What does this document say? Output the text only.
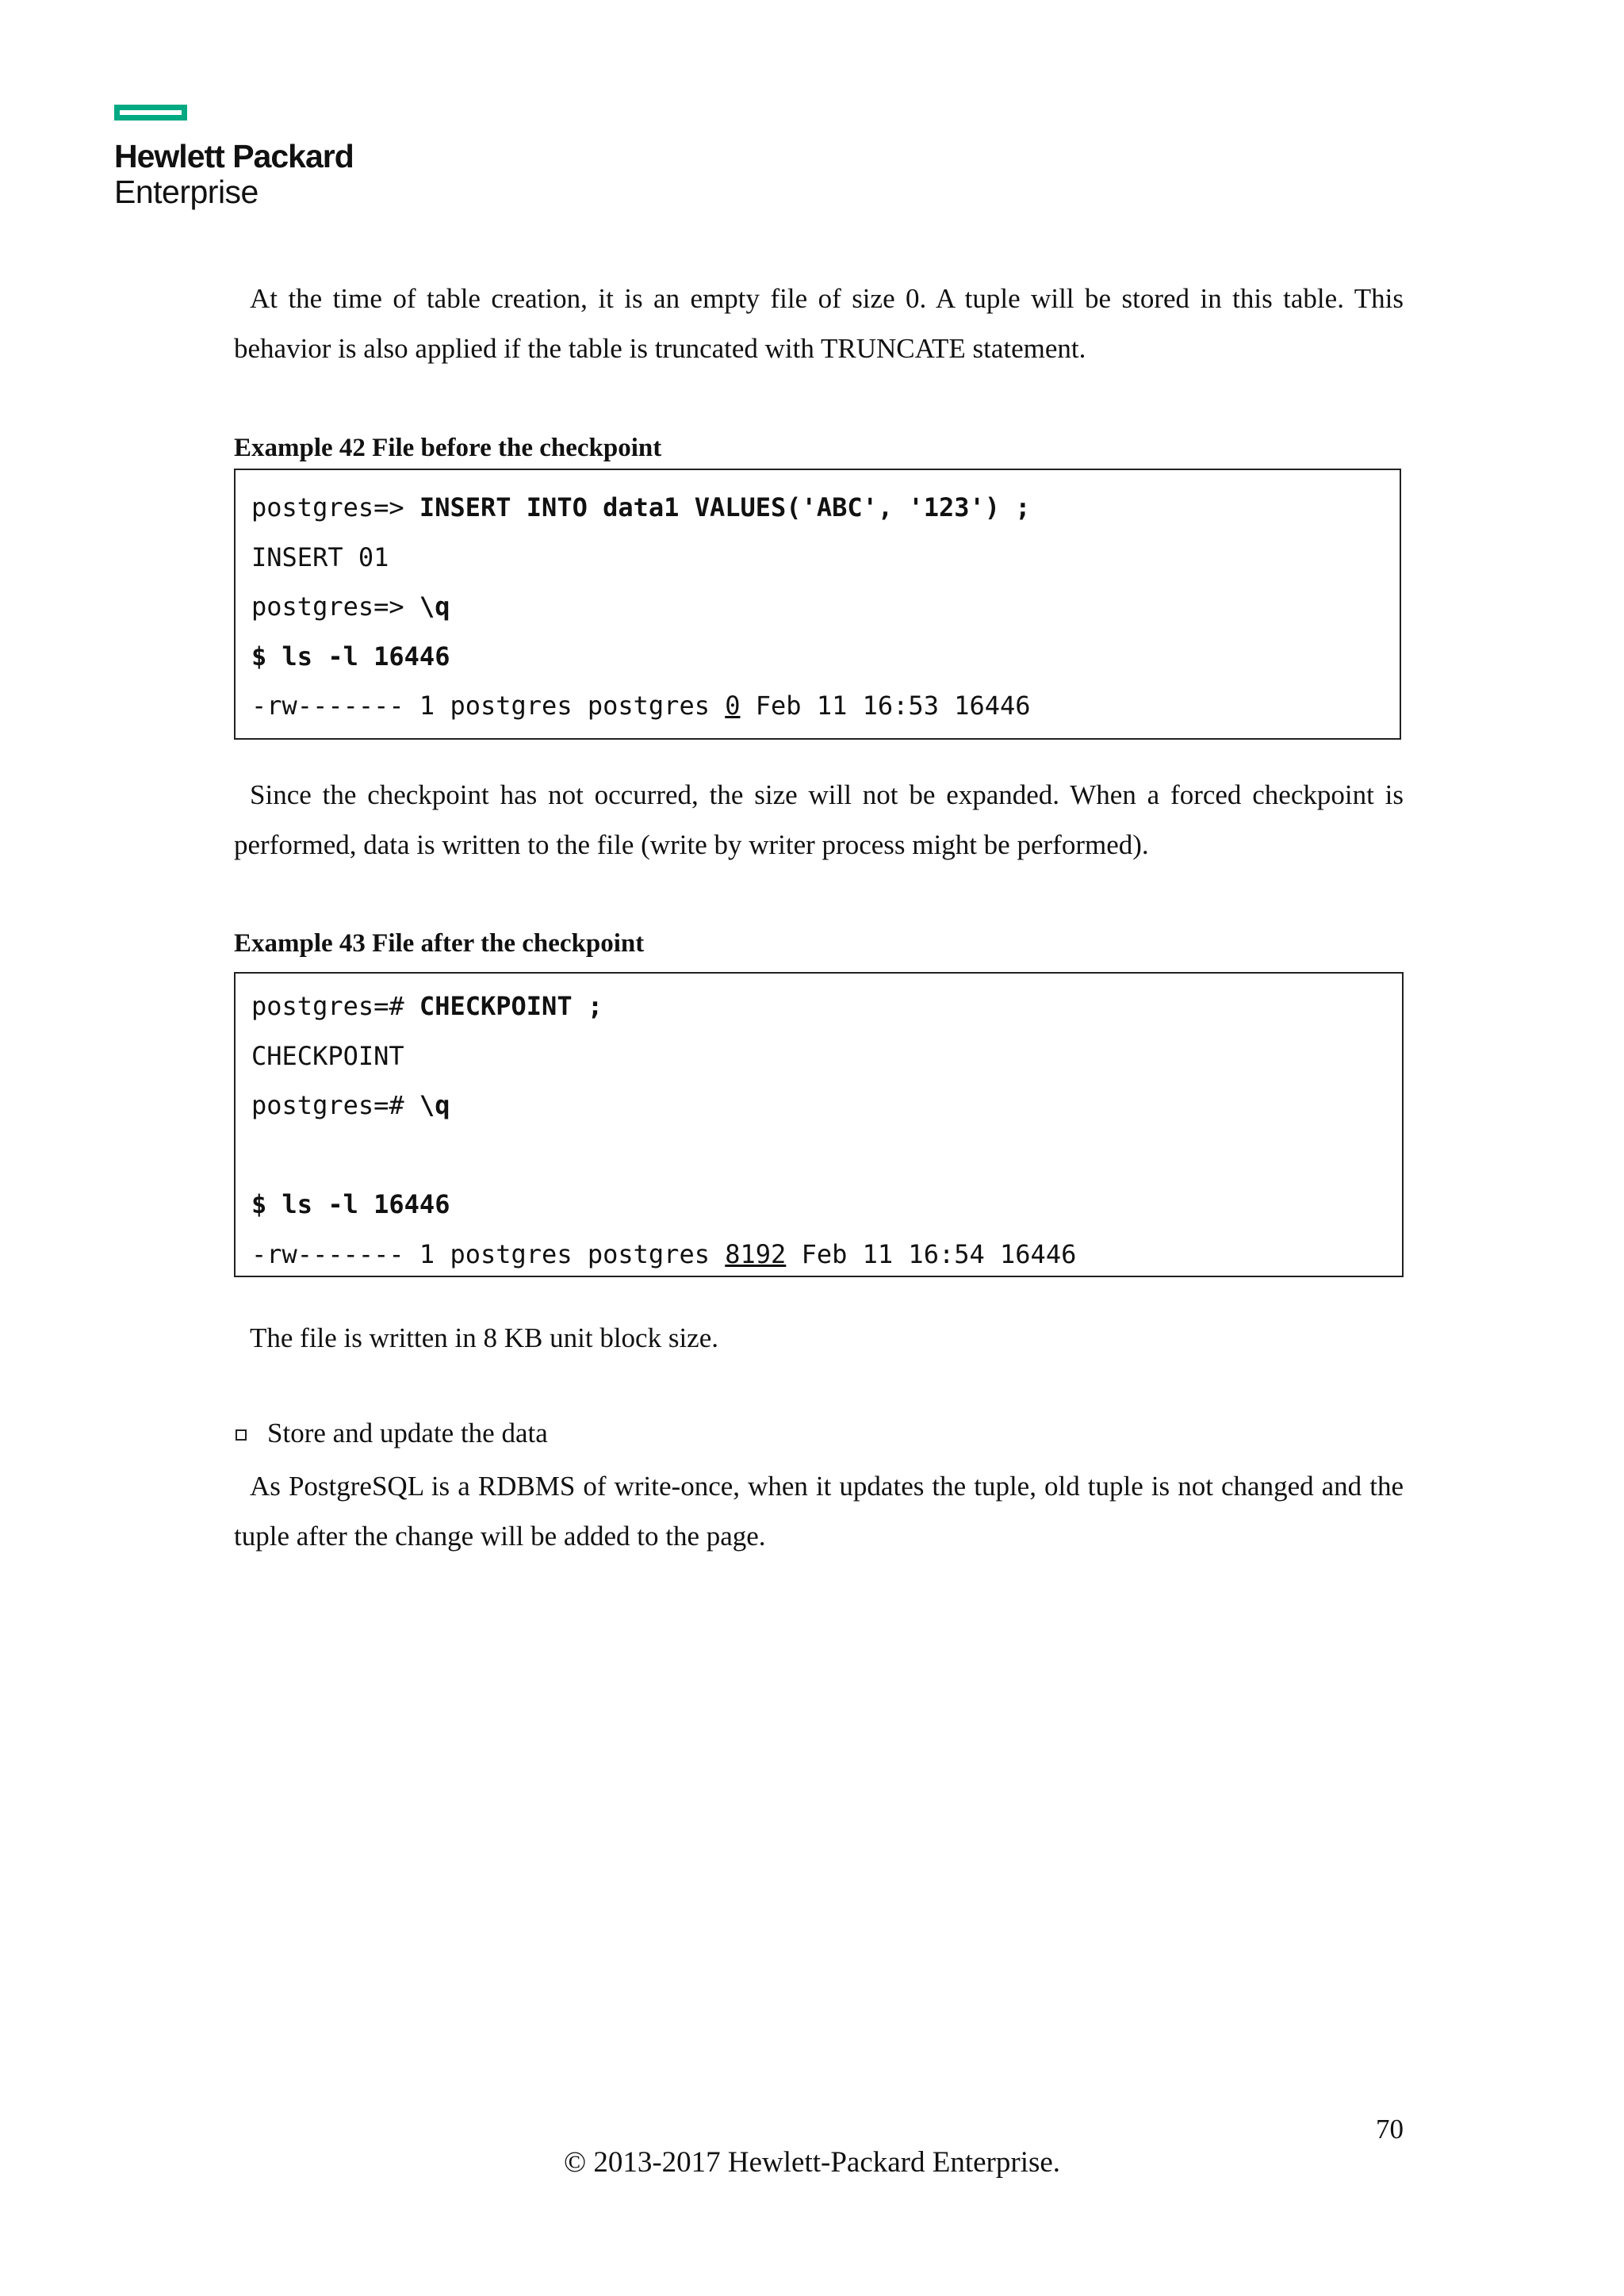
Hewlett Packard
Enterprise

At the time of table creation, it is an empty file of size 0. A tuple will be stored in this table. This behavior is also applied if the table is truncated with TRUNCATE statement.

Example 42 File before the checkpoint

postgres=> INSERT INTO data1 VALUES('ABC', '123') ;
INSERT 01
postgres=> \q
$ ls -l 16446
-rw------- 1 postgres postgres 0 Feb 11 16:53 16446

Since the checkpoint has not occurred, the size will not be expanded. When a forced checkpoint is performed, data is written to the file (write by writer process might be performed).

Example 43 File after the checkpoint

postgres=# CHECKPOINT ;
CHECKPOINT
postgres=# \q
$ ls -l 16446
-rw------- 1 postgres postgres 8192 Feb 11 16:54 16446

The file is written in 8 KB unit block size.

Store and update the data

As PostgreSQL is a RDBMS of write-once, when it updates the tuple, old tuple is not changed and the tuple after the change will be added to the page.

70
© 2013-2017 Hewlett-Packard Enterprise.
